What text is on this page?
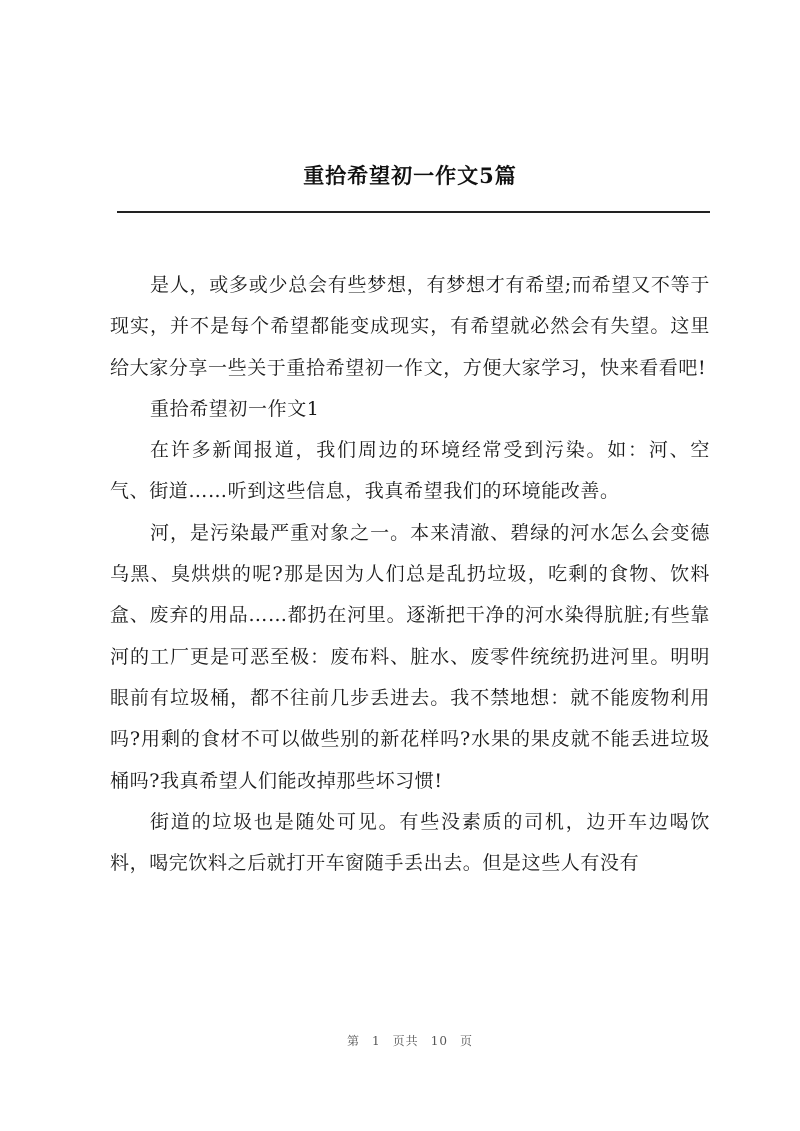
重拾希望初一作文5篇

是人，或多或少总会有些梦想，有梦想才有希望;而希望又不等于现实，并不是每个希望都能变成现实，有希望就必然会有失望。这里给大家分享一些关于重拾希望初一作文，方便大家学习，快来看看吧!

重拾希望初一作文1

在许多新闻报道，我们周边的环境经常受到污染。如：河、空气、街道……听到这些信息，我真希望我们的环境能改善。

河，是污染最严重对象之一。本来清澈、碧绿的河水怎么会变德乌黑、臭烘烘的呢?那是因为人们总是乱扔垃圾，吃剩的食物、饮料盒、废弃的用品……都扔在河里。逐渐把干净的河水染得肮脏;有些靠河的工厂更是可恶至极：废布料、脏水、废零件统统扔进河里。明明眼前有垃圾桶，都不往前几步丢进去。我不禁地想：就不能废物利用吗?用剩的食材不可以做些别的新花样吗?水果的果皮就不能丢进垃圾桶吗?我真希望人们能改掉那些坏习惯!

街道的垃圾也是随处可见。有些没素质的司机，边开车边喝饮料，喝完饮料之后就打开车窗随手丢出去。但是这些人有没有

第 1 页共 10 页
